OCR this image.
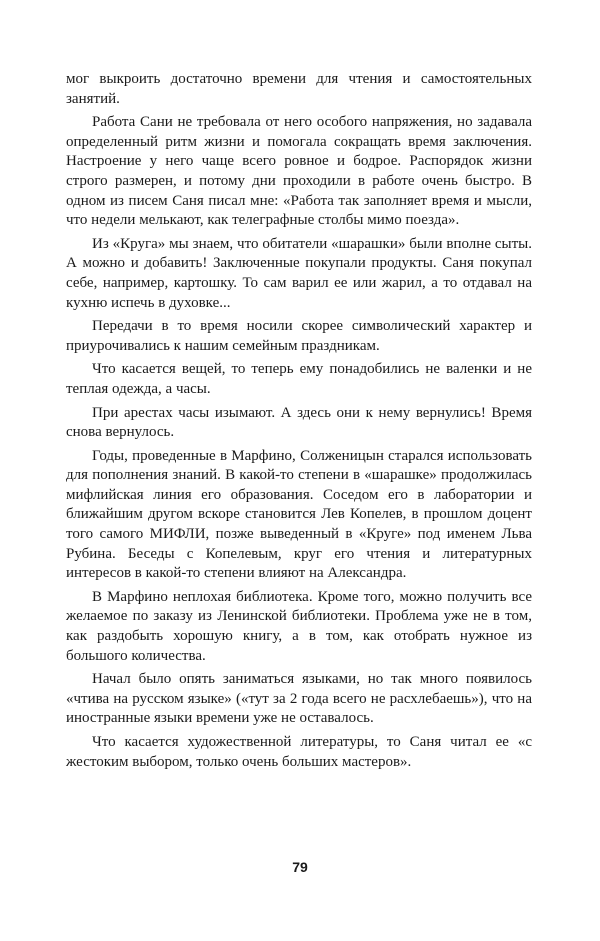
мог выкроить достаточно времени для чтения и самостоятельных занятий.

Работа Сани не требовала от него особого напряжения, но задавала определенный ритм жизни и помогала сокращать время заключения. Настроение у него чаще всего ровное и бодрое. Распорядок жизни строго размерен, и потому дни проходили в работе очень быстро. В одном из писем Саня писал мне: «Работа так заполняет время и мысли, что недели мелькают, как телеграфные столбы мимо поезда».

Из «Круга» мы знаем, что обитатели «шарашки» были вполне сыты. А можно и добавить! Заключенные покупали продукты. Саня покупал себе, например, картошку. То сам варил ее или жарил, а то отдавал на кухню испечь в духовке...

Передачи в то время носили скорее символический характер и приурочивались к нашим семейным праздникам.

Что касается вещей, то теперь ему понадобились не валенки и не теплая одежда, а часы.

При арестах часы изымают. А здесь они к нему вернулись! Время снова вернулось.

Годы, проведенные в Марфино, Солженицын старался использовать для пополнения знаний. В какой-то степени в «шарашке» продолжилась мифлийская линия его образования. Соседом его в лаборатории и ближайшим другом вскоре становится Лев Копелев, в прошлом доцент того самого МИФЛИ, позже выведенный в «Круге» под именем Льва Рубина. Беседы с Копелевым, круг его чтения и литературных интересов в какой-то степени влияют на Александра.

В Марфино неплохая библиотека. Кроме того, можно получить все желаемое по заказу из Ленинской библиотеки. Проблема уже не в том, как раздобыть хорошую книгу, а в том, как отобрать нужное из большого количества.

Начал было опять заниматься языками, но так много появилось «чтива на русском языке» («тут за 2 года всего не расхлебаешь»), что на иностранные языки времени уже не оставалось.

Что касается художественной литературы, то Саня читал ее «с жестоким выбором, только очень больших мастеров».

79
